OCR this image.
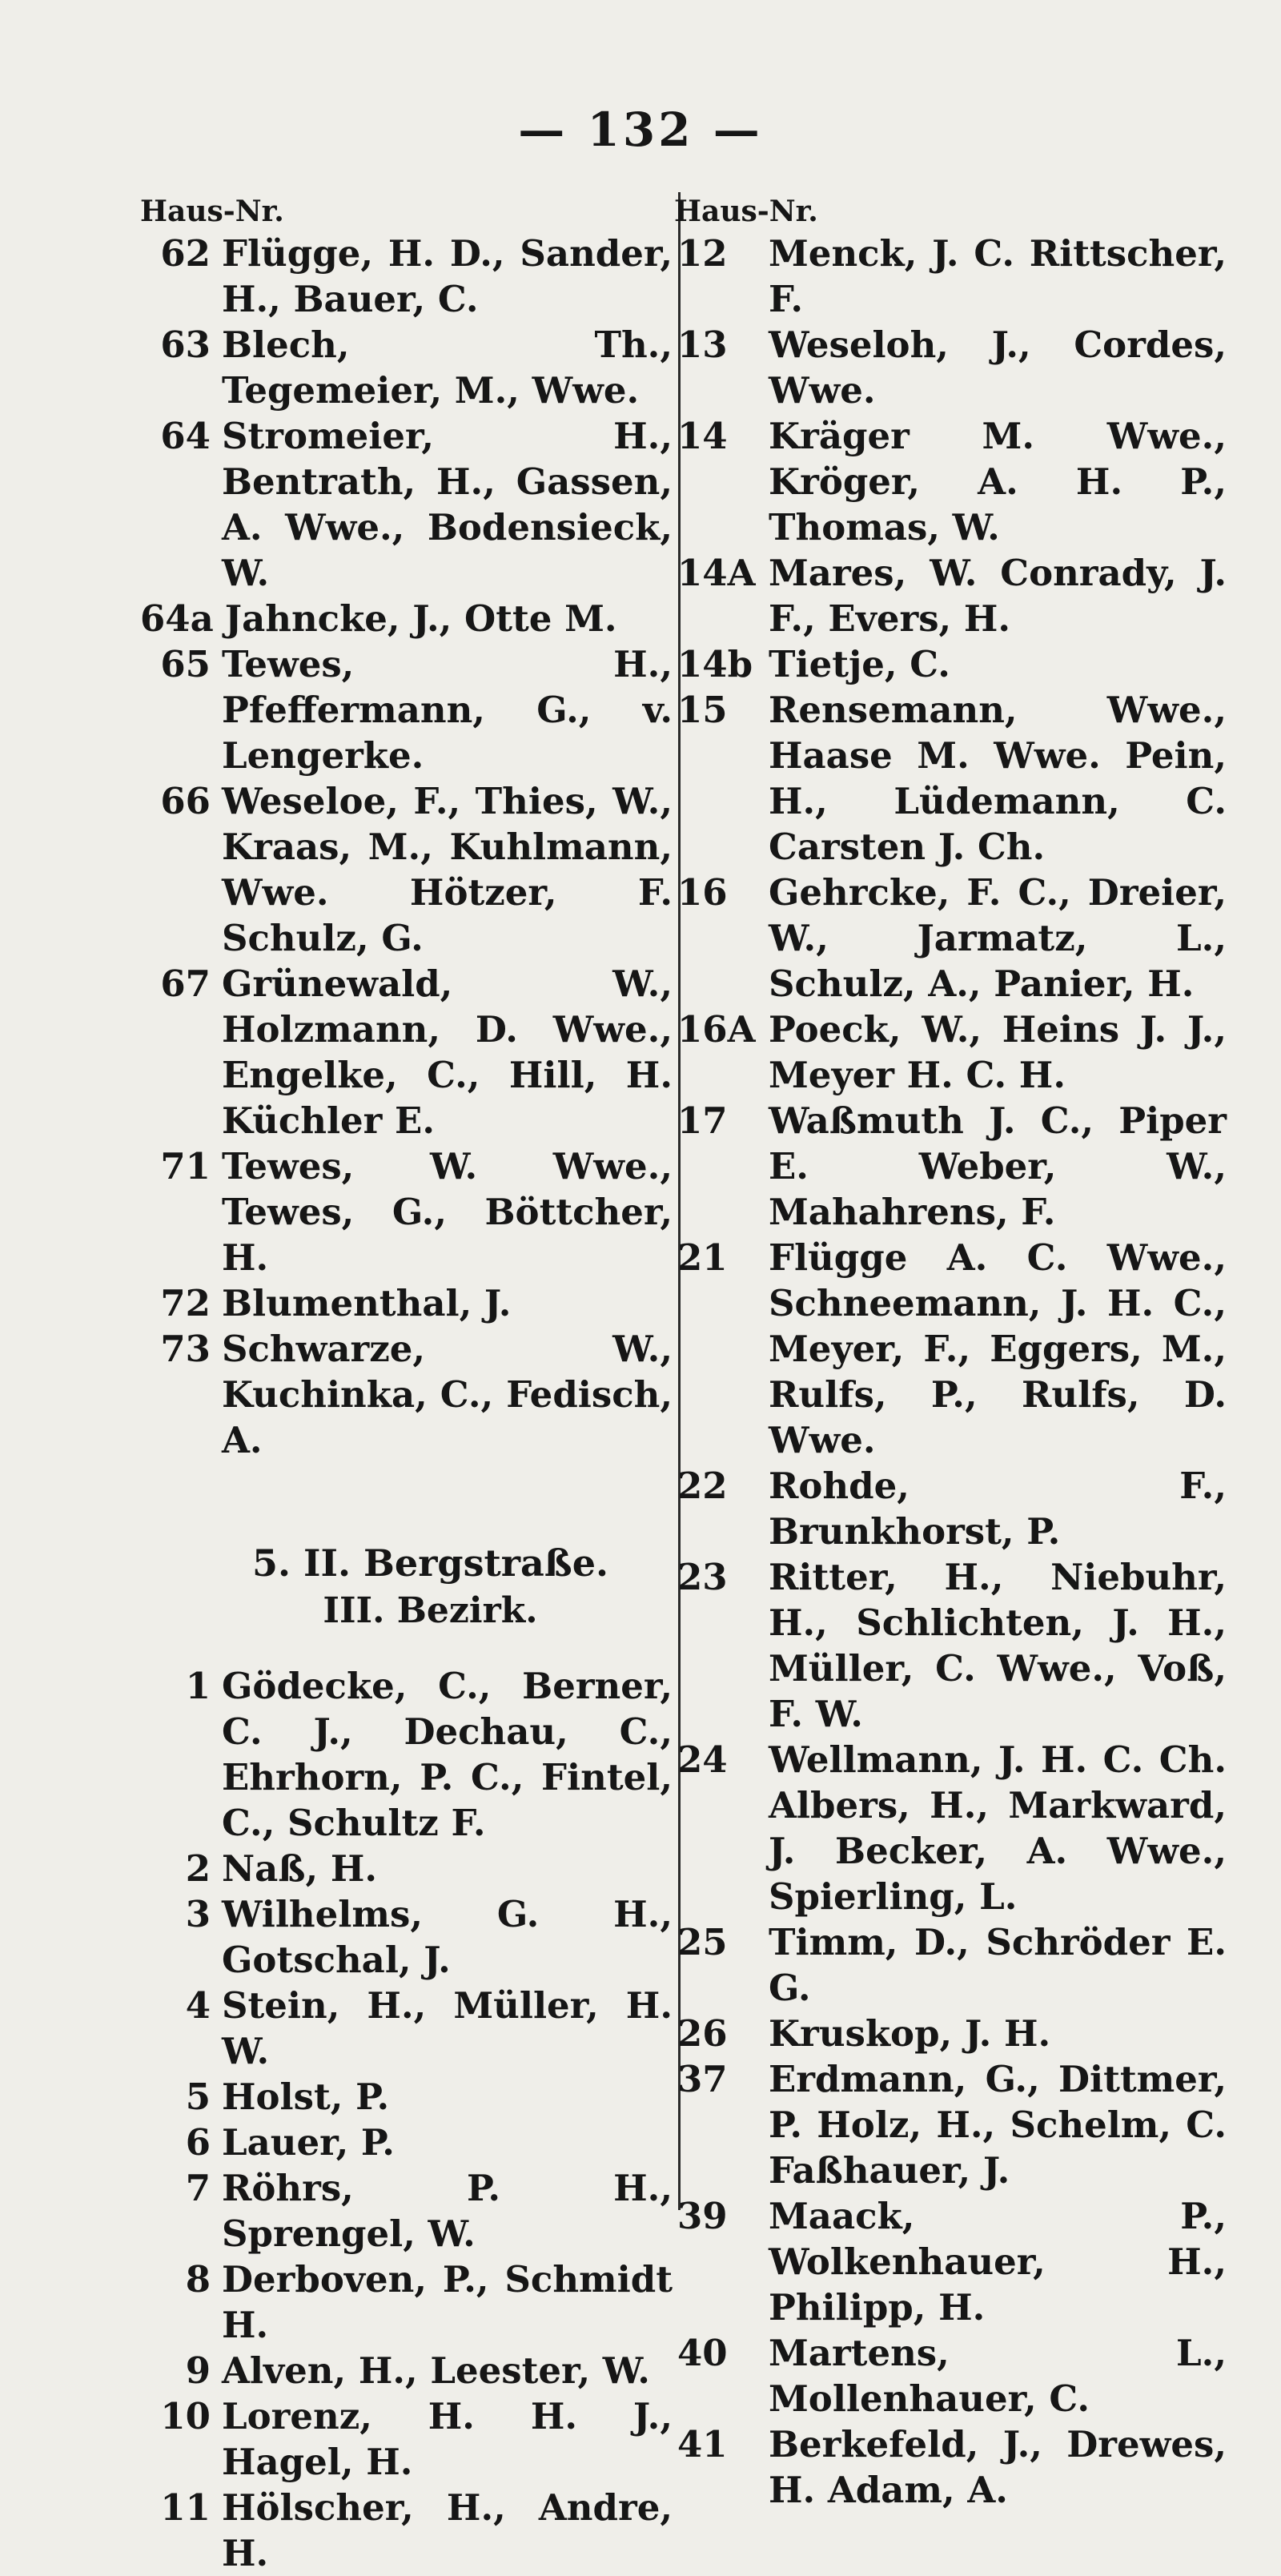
— 132 —
Haus-Nr.
62 Flügge, H. D., Sander, H., Bauer, C.
63 Blech, Th., Tegemeier, M., Wwe.
64 Stromeier, H., Bentrath, H., Gassen, A. Wwe., Bodensieck, W.
64a Jahncke, J., Otte M.
65 Tewes, H., Pfeffermann, G., v. Lengerke.
66 Weseloe, F., Thies, W., Kraas, M., Kuhlmann, Wwe. Hötzer, F. Schulz, G.
67 Grünewald, W., Holzmann, D. Wwe., Engelke, C., Hill, H. Küchler E.
71 Tewes, W. Wwe., Tewes, G., Böttcher, H.
72 Blumenthal, J.
73 Schwarze, W., Kuchinka, C., Fedisch, A.
5. II. Bergstraße.
III. Bezirk.
1 Gödecke, C., Berner, C. J., Dechau, C., Ehrhorn, P. C., Fintel, C., Schultz F.
2 Naß, H.
3 Wilhelms, G. H., Gotschal, J.
4 Stein, H., Müller, H. W.
5 Holst, P.
6 Lauer, P.
7 Röhrs, P. H., Sprengel, W.
8 Derboven, P., Schmidt H.
9 Alven, H., Leester, W.
10 Lorenz, H. H. J., Hagel, H.
11 Hölscher, H., Andre, H.
Haus-Nr.
12	Menck, J. C. Rittscher, F.
13	Weseloh, J., Cordes, Wwe.
14	Kräger M. Wwe., Kröger, A. H. P., Thomas, W.
14A Mares, W. Conrady, J. F., Evers, H.
14b Tietje, C.
15	Rensemann, Wwe., Haase M. Wwe. Pein, H., Lüdemann, C. Carsten J. Ch.
16	Gehrcke, F. C., Dreier, W., Jarmatz, L., Schulz, A., Panier, H.
16A Poeck, W., Heins J. J., Meyer H. C. H.
17	Waßmuth J. C., Piper E. Weber, W., Mahahrens, F.
21	Flügge A. C. Wwe., Schneemann, J. H. C., Meyer, F., Eggers, M., Rulfs, P., Rulfs, D. Wwe.
22	Rohde, F., Brunkhorst, P.
23	Ritter, H., Niebuhr, H., Schlichten, J. H., Müller, C. Wwe., Voß, F. W.
24	Wellmann, J. H. C. Ch. Albers, H., Markward, J. Becker, A. Wwe., Spierling, L.
25	Timm, D., Schröder E. G.
26	Kruskop, J. H.
37	Erdmann, G., Dittmer, P. Holz, H., Schelm, C. Faßhauer, J.
39	Maack, P., Wolkenhauer, H., Philipp, H.
40	Martens, L., Mollenhauer, C.
41	Berkefeld, J., Drewes, H. Adam, A.
